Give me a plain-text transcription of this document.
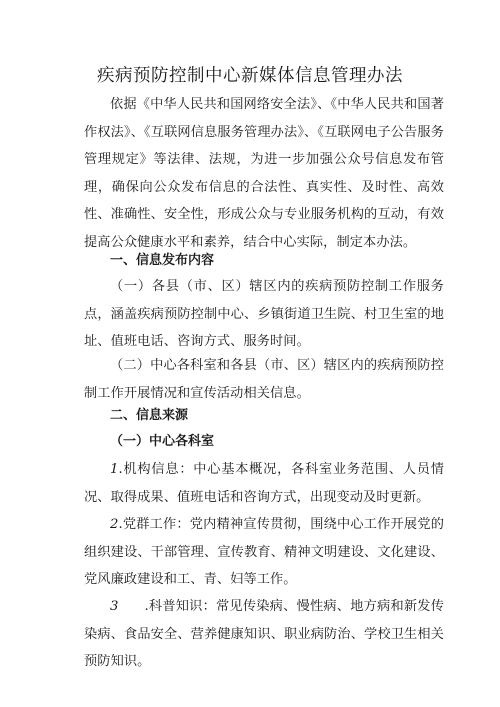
疾病预防控制中心新媒体信息管理办法
依据《中华人民共和国网络安全法》、《中华人民共和国著作权法》、《互联网信息服务管理办法》、《互联网电子公告服务管理规定》等法律、法规，为进一步加强公众号信息发布管理，确保向公众发布信息的合法性、真实性、及时性、高效性、准确性、安全性，形成公众与专业服务机构的互动，有效提高公众健康水平和素养，结合中心实际，制定本办法。
一、信息发布内容
（一）各县（市、区）辖区内的疾病预防控制工作服务点，涵盖疾病预防控制中心、乡镇街道卫生院、村卫生室的地址、值班电话、咨询方式、服务时间。
（二）中心各科室和各县（市、区）辖区内的疾病预防控制工作开展情况和宣传活动相关信息。
二、信息来源
（一）中心各科室
1.机构信息：中心基本概况，各科室业务范围、人员情况、取得成果、值班电话和咨询方式，出现变动及时更新。
2.党群工作：党内精神宣传贯彻，围绕中心工作开展党的组织建设、干部管理、宣传教育、精神文明建设、文化建设、党风廉政建设和工、青、妇等工作。
3 .科普知识：常见传染病、慢性病、地方病和新发传染病、食品安全、营养健康知识、职业病防治、学校卫生相关预防知识。
